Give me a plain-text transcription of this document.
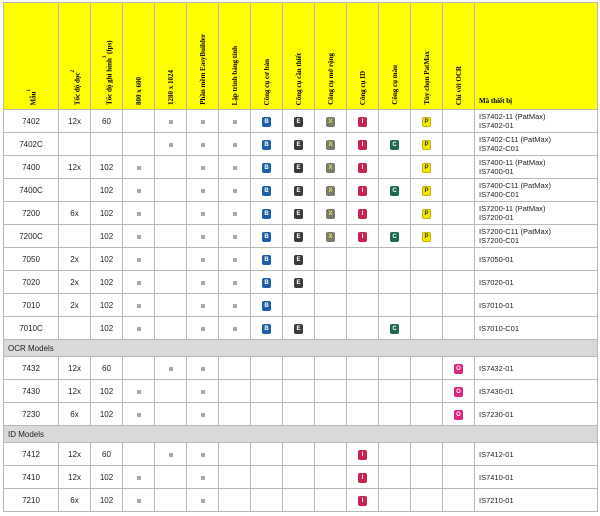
Mẫu$^1$	Tốc độ đọc$^2$	Tốc độ ghi hình$^3$(fps)	800 x 600	1280 x 1024	Phần mềm EasyBuilder	Lập trình bảng tính	Công cụ cơ bản	Công cụ cần thiết	Công cụ mở rộng	Công cụ ID	Công cụ màu	Tùy chọn PatMax	Chỉ với OCR	Mã thiết bị
7402	12x	60					B	E	X	I		P		IS7402-11 (PatMax)
IS7402-01

7402C							B	E	X	I	C	P		IS7402-C11 (PatMax)
IS7402-C01

7400	12x	102					B	E	X	I		P		IS7400-11 (PatMax)
IS7400-01

7400C		102					B	E	X	I	C	P		IS7400-C11 (PatMax)
IS7400-C01

7200	6x	102					B	E	X	I		P		IS7200-11 (PatMax)
IS7200-01

7200C		102					B	E	X	I	C	P		IS7200-C11 (PatMax)
IS7200-C01

7050	2x	102					B	E						IS7050-01

7020	2x	102					B	E						IS7020-01

7010	2x	102					B							IS7010-01

7010C		102					B	E			C			IS7010-C01

OCR Models														
7432	12x	60											O	IS7432-01

7430	12x	102											O	IS7430-01

7230	6x	102											O	IS7230-01

ID Models														
7412	12x	60								I				IS7412-01

7410	12x	102								I				IS7410-01

7210	6x	102								I				IS7210-01
